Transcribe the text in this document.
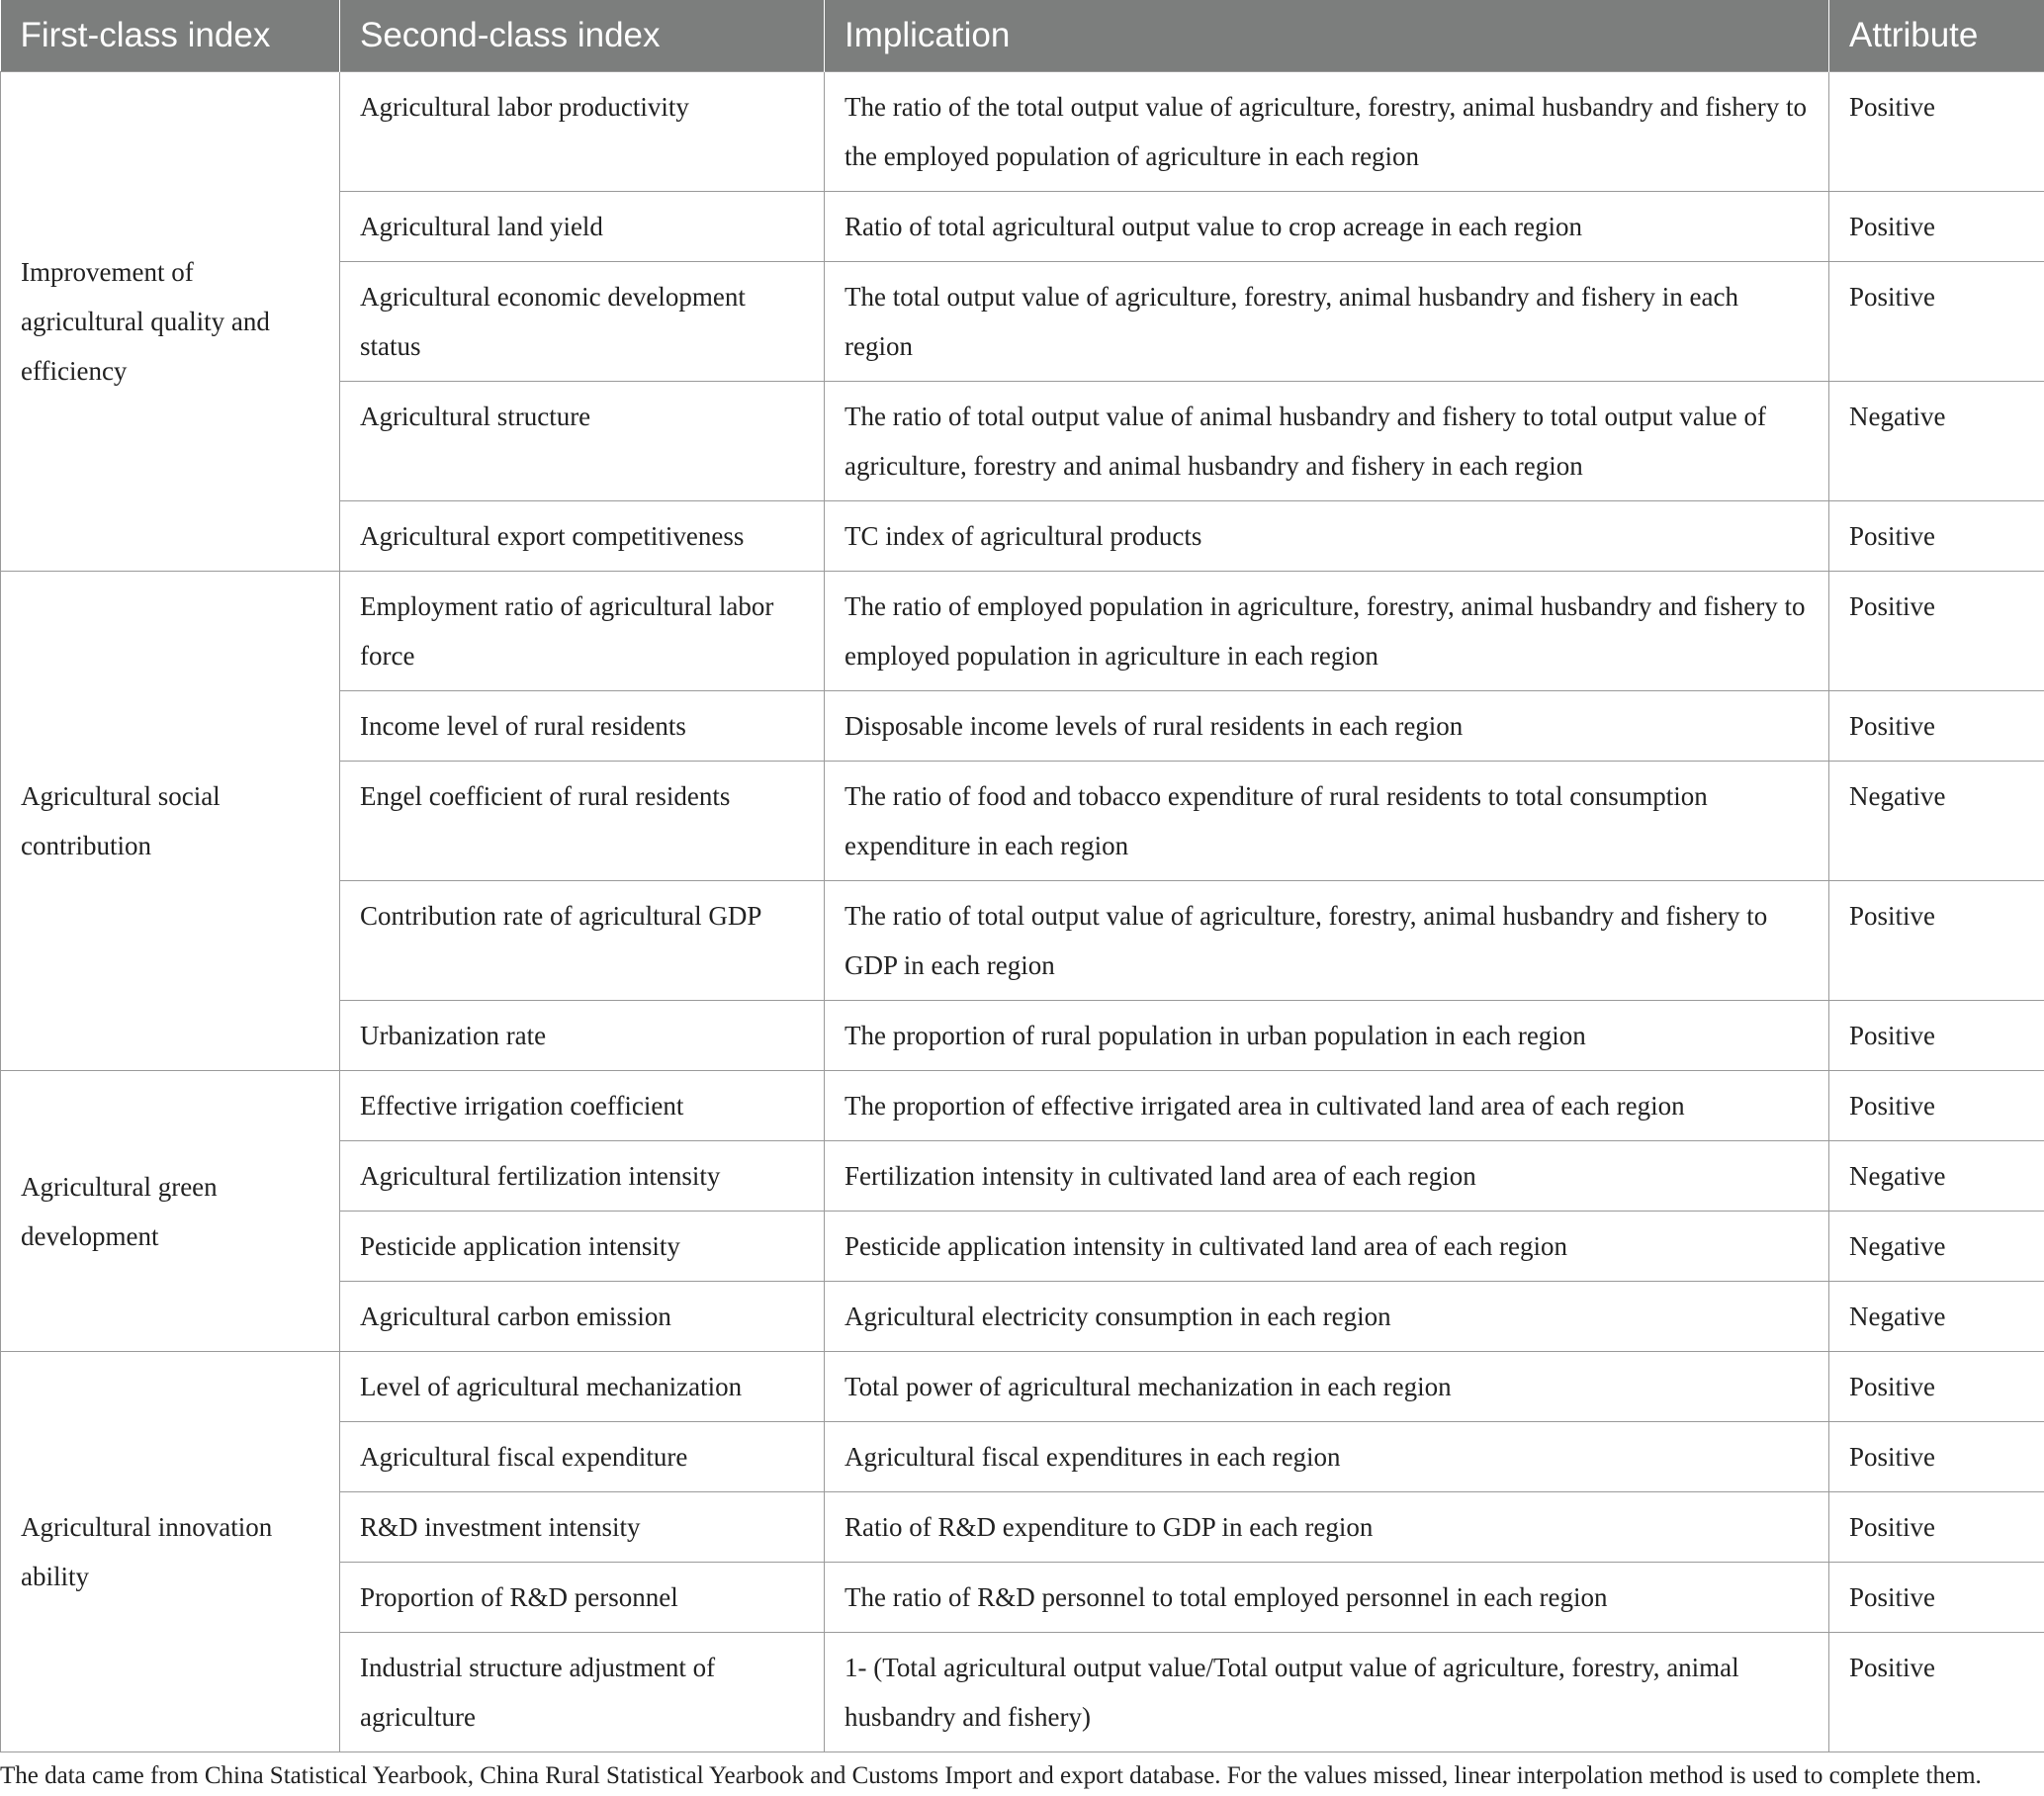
First-class index	Second-class index	Implication	Attribute
Improvement of agricultural quality and efficiency	Agricultural labor productivity	The ratio of the total output value of agriculture, forestry, animal husbandry and fishery to the employed population of agriculture in each region	Positive
	Agricultural land yield	Ratio of total agricultural output value to crop acreage in each region	Positive
	Agricultural economic development status	The total output value of agriculture, forestry, animal husbandry and fishery in each region	Positive
	Agricultural structure	The ratio of total output value of animal husbandry and fishery to total output value of agriculture, forestry and animal husbandry and fishery in each region	Negative
	Agricultural export competitiveness	TC index of agricultural products	Positive
Agricultural social contribution	Employment ratio of agricultural labor force	The ratio of employed population in agriculture, forestry, animal husbandry and fishery to employed population in agriculture in each region	Positive
	Income level of rural residents	Disposable income levels of rural residents in each region	Positive
	Engel coefficient of rural residents	The ratio of food and tobacco expenditure of rural residents to total consumption expenditure in each region	Negative
	Contribution rate of agricultural GDP	The ratio of total output value of agriculture, forestry, animal husbandry and fishery to GDP in each region	Positive
	Urbanization rate	The proportion of rural population in urban population in each region	Positive
Agricultural green development	Effective irrigation coefficient	The proportion of effective irrigated area in cultivated land area of each region	Positive
	Agricultural fertilization intensity	Fertilization intensity in cultivated land area of each region	Negative
	Pesticide application intensity	Pesticide application intensity in cultivated land area of each region	Negative
	Agricultural carbon emission	Agricultural electricity consumption in each region	Negative
Agricultural innovation ability	Level of agricultural mechanization	Total power of agricultural mechanization in each region	Positive
	Agricultural fiscal expenditure	Agricultural fiscal expenditures in each region	Positive
	R&D investment intensity	Ratio of R&D expenditure to GDP in each region	Positive
	Proportion of R&D personnel	The ratio of R&D personnel to total employed personnel in each region	Positive
	Industrial structure adjustment of agriculture	1- (Total agricultural output value/Total output value of agriculture, forestry, animal husbandry and fishery)	Positive
The data came from China Statistical Yearbook, China Rural Statistical Yearbook and Customs Import and export database. For the values missed, linear interpolation method is used to complete them.
